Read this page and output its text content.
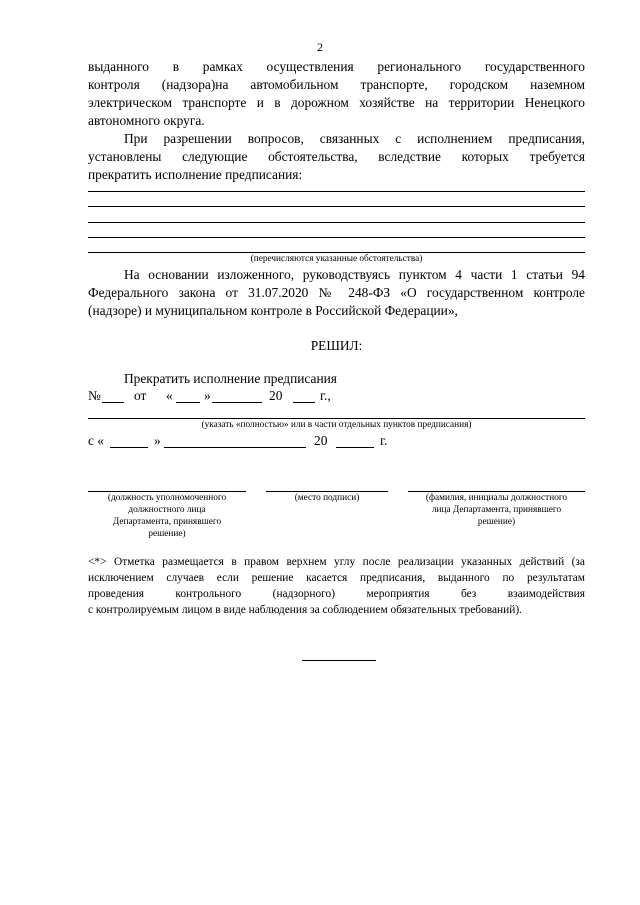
2
выданного в рамках осуществления регионального государственного
контроля (надзора)на автомобильном транспорте, городском наземном
электрическом транспорте и в дорожном хозяйстве на территории Ненецкого
автономного округа.
При разрешении вопросов, связанных с исполнением предписания,
установлены следующие обстоятельства, вследствие которых требуется
прекратить исполнение предписания:
(перечисляются указанные обстоятельства)
На основании изложенного, руководствуясь пунктом 4 части 1 статьи 94
Федерального закона от 31.07.2020 № 248-ФЗ «О государственном контроле
(надзоре) и муниципальном контроле в Российской Федерации»,
РЕШИЛ:
Прекратить исполнение предписания
№ от « »	20	г.,
(указать «полностью» или в части отдельных пунктов предписания)
с «	»	20	г.
(должность уполномоченного
должностного лица
Департамента, принявшего
решение)
(место подписи)	(фамилия, инициалы должностного
лица Департамента, принявшего
решение)
<*> Отметка размещается в правом верхнем углу после реализации указанных действий (за
исключением случаев если решение касается предписания, выданного по результатам
проведения контрольного (надзорного) мероприятия без взаимодействия
с контролируемым лицом в виде наблюдения за соблюдением обязательных требований).
